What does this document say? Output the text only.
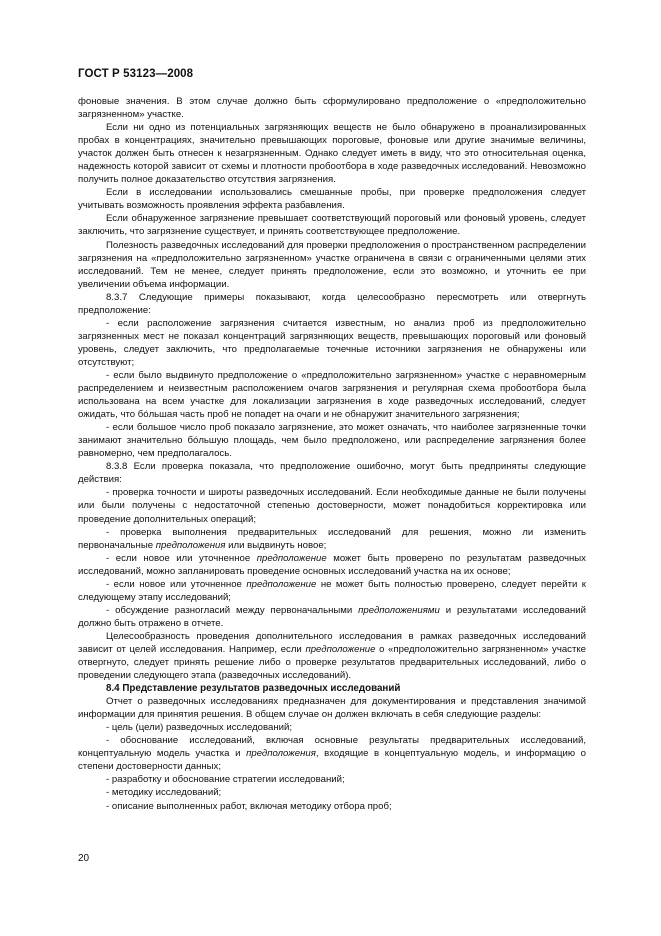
ГОСТ Р 53123—2008

фоновые значения. В этом случае должно быть сформулировано предположение о «предположительно загрязненном» участке.

Если ни одно из потенциальных загрязняющих веществ не было обнаружено в проанализированных пробах в концентрациях, значительно превышающих пороговые, фоновые или другие значимые величины, участок должен быть отнесен к незагрязненным. Однако следует иметь в виду, что это относительная оценка, надежность которой зависит от схемы и плотности пробоотбора в ходе разведочных исследований. Невозможно получить полное доказательство отсутствия загрязнения.

Если в исследовании использовались смешанные пробы, при проверке предположения следует учитывать возможность проявления эффекта разбавления.

Если обнаруженное загрязнение превышает соответствующий пороговый или фоновый уровень, следует заключить, что загрязнение существует, и принять соответствующее предположение.

Полезность разведочных исследований для проверки предположения о пространственном распределении загрязнения на «предположительно загрязненном» участке ограничена в связи с ограниченными целями этих исследований. Тем не менее, следует принять предположение, если это возможно, и уточнить ее при увеличении объема информации.

8.3.7 Следующие примеры показывают, когда целесообразно пересмотреть или отвергнуть предположение:

- если расположение загрязнения считается известным, но анализ проб из предположительно загрязненных мест не показал концентраций загрязняющих веществ, превышающих пороговый или фоновый уровень, следует заключить, что предполагаемые точечные источники загрязнения не обнаружены или отсутствуют;

- если было выдвинуто предположение о «предположительно загрязненном» участке с неравномерным распределением и неизвестным расположением очагов загрязнения и регулярная схема пробоотбора была использована на всем участке для локализации загрязнения в ходе разведочных исследований, следует ожидать, что бóльшая часть проб не попадет на очаги и не обнаружит значительного загрязнения;

- если большое число проб показало загрязнение, это может означать, что наиболее загрязненные точки занимают значительно бóльшую площадь, чем было предположено, или распределение загрязнения более равномерно, чем предполагалось.

8.3.8 Если проверка показала, что предположение ошибочно, могут быть предприняты следующие действия:

- проверка точности и широты разведочных исследований. Если необходимые данные не были получены или были получены с недостаточной степенью достоверности, может понадобиться корректировка или проведение дополнительных операций;

- проверка выполнения предварительных исследований для решения, можно ли изменить первоначальные предположения или выдвинуть новое;

- если новое или уточненное предположение может быть проверено по результатам разведочных исследований, можно запланировать проведение основных исследований участка на их основе;

- если новое или уточненное предположение не может быть полностью проверено, следует перейти к следующему этапу исследований;

- обсуждение разногласий между первоначальными предположениями и результатами исследований должно быть отражено в отчете.

Целесообразность проведения дополнительного исследования в рамках разведочных исследований зависит от целей исследования. Например, если предположение о «предположительно загрязненном» участке отвергнуто, следует принять решение либо о проверке результатов предварительных исследований, либо о проведении следующего этапа (разведочных исследований).

8.4 Представление результатов разведочных исследований

Отчет о разведочных исследованиях предназначен для документирования и представления значимой информации для принятия решения. В общем случае он должен включать в себя следующие разделы:

- цель (цели) разведочных исследований;

- обоснование исследований, включая основные результаты предварительных исследований, концептуальную модель участка и предположения, входящие в концептуальную модель, и информацию о степени достоверности данных;

- разработку и обоснование стратегии исследований;

- методику исследований;

- описание выполненных работ, включая методику отбора проб;

20
